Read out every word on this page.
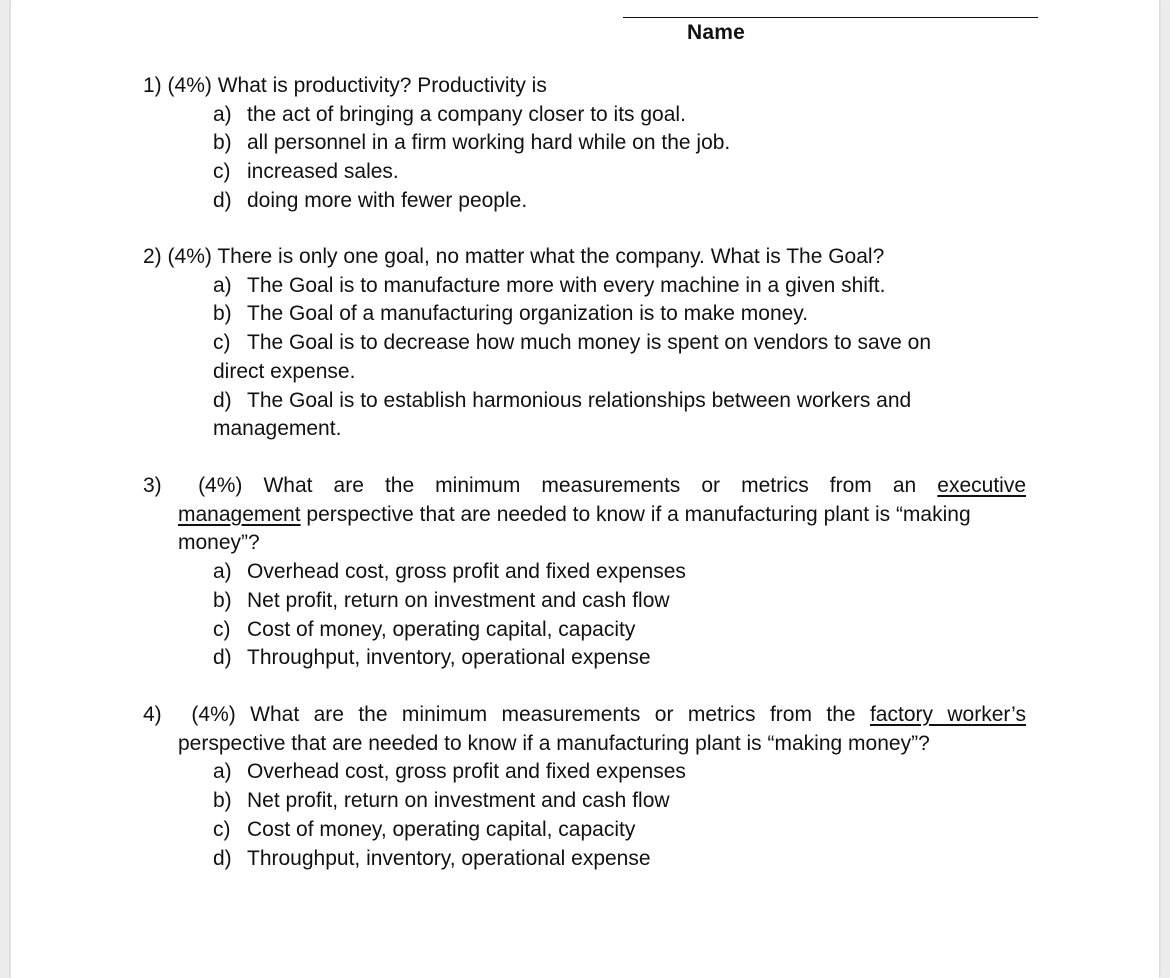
Name
1) (4%) What is productivity? Productivity is
a) the act of bringing a company closer to its goal.
b) all personnel in a firm working hard while on the job.
c) increased sales.
d) doing more with fewer people.
2) (4%) There is only one goal, no matter what the company. What is The Goal?
a) The Goal is to manufacture more with every machine in a given shift.
b) The Goal of a manufacturing organization is to make money.
c) The Goal is to decrease how much money is spent on vendors to save on
direct expense.
d) The Goal is to establish harmonious relationships between workers and
management.
3) (4%) What are the minimum measurements or metrics from an executive
management perspective that are needed to know if a manufacturing plant is “making
money”?
a) Overhead cost, gross profit and fixed expenses
b) Net profit, return on investment and cash flow
c) Cost of money, operating capital, capacity
d) Throughput, inventory, operational expense
4) (4%) What are the minimum measurements or metrics from the factory worker’s
perspective that are needed to know if a manufacturing plant is “making money”?
a) Overhead cost, gross profit and fixed expenses
b) Net profit, return on investment and cash flow
c) Cost of money, operating capital, capacity
d) Throughput, inventory, operational expense
